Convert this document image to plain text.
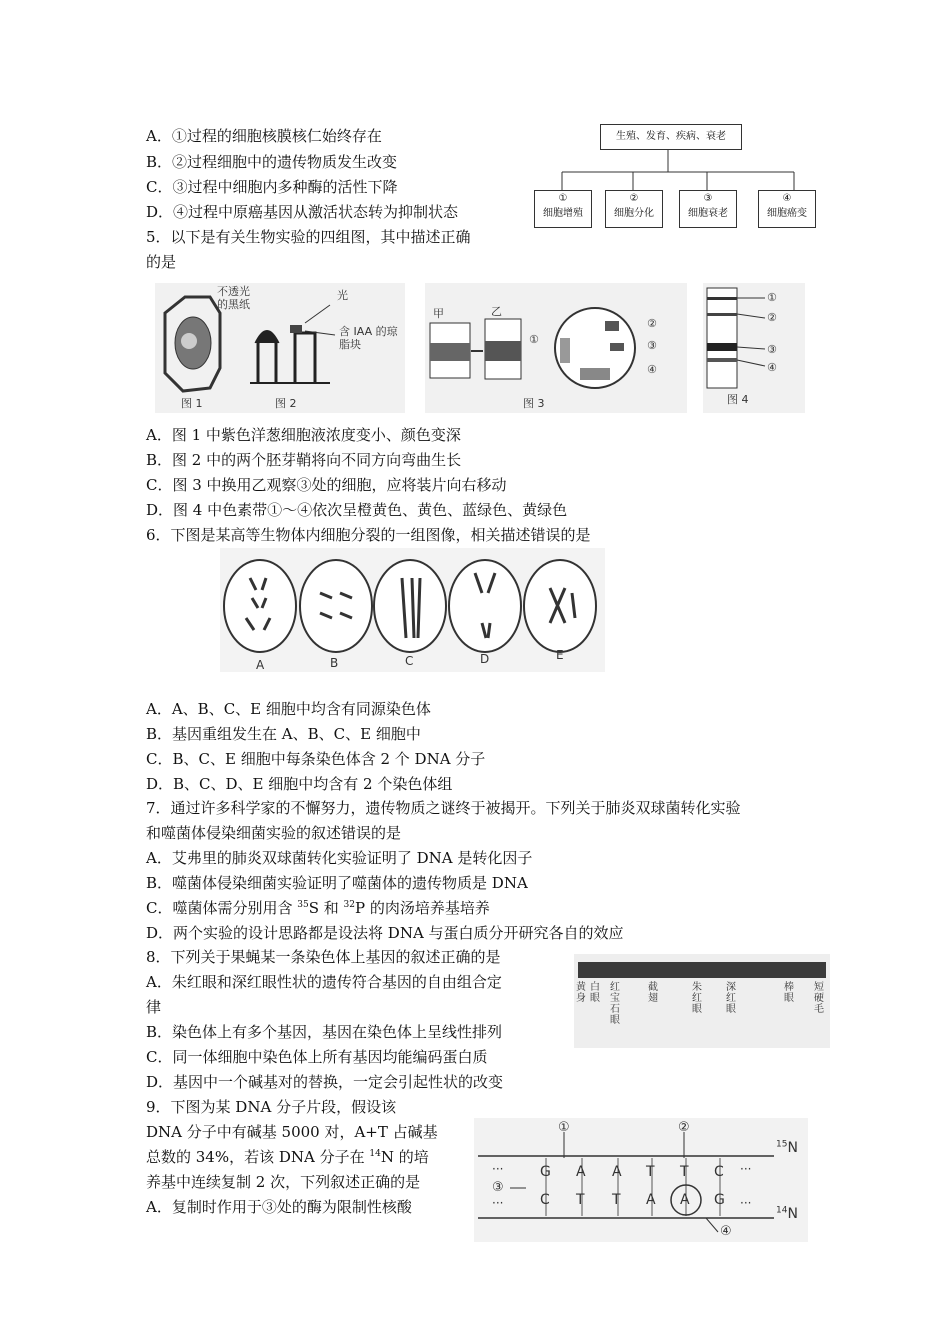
A．①过程的细胞核膜核仁始终存在
B．②过程细胞中的遗传物质发生改变
C．③过程中细胞内多种酶的活性下降
D．④过程中原癌基因从激活状态转为抑制状态
生殖、发育、疾病、衰老
①
细胞增殖
②
细胞分化
③
细胞衰老
④
细胞癌变
5．以下是有关生物实验的四组图，其中描述正确
的是
图 1	图 2
不透光的黑纸
光
含 IAA 的琼脂块
甲	乙
①
②
③
④
图 3
①
②
③
④
图 4
A．图 1 中紫色洋葱细胞液浓度变小、颜色变深
B．图 2 中的两个胚芽鞘将向不同方向弯曲生长
C．图 3 中换用乙观察③处的细胞，应将装片向右移动
D．图 4 中色素带①～④依次呈橙黄色、黄色、蓝绿色、黄绿色
6．下图是某高等生物体内细胞分裂的一组图像，相关描述错误的是
A	B	C	D	E
A．A、B、C、E 细胞中均含有同源染色体
B．基因重组发生在 A、B、C、E 细胞中
C．B、C、E 细胞中每条染色体含 2 个 DNA 分子
D．B、C、D、E 细胞中均含有 2 个染色体组
7．通过许多科学家的不懈努力，遗传物质之谜终于被揭开。下列关于肺炎双球菌转化实验
和噬菌体侵染细菌实验的叙述错误的是
A．艾弗里的肺炎双球菌转化实验证明了 DNA 是转化因子
B．噬菌体侵染细菌实验证明了噬菌体的遗传物质是 DNA
C．噬菌体需分别用含 $^{35}$S 和 $^{32}$P 的肉汤培养基培养
D．两个实验的设计思路都是设法将 DNA 与蛋白质分开研究各自的效应
8．下列关于果蝇某一条染色体上基因的叙述正确的是
A．朱红眼和深红眼性状的遗传符合基因的自由组合定
律
B．染色体上有多个基因，基因在染色体上呈线性排列
C．同一体细胞中染色体上所有基因均能编码蛋白质
D．基因中一个碱基对的替换，一定会引起性状的改变
黄身
白眼
红宝石眼
截翅
朱红眼
深红眼
棒眼
短硬毛
9．下图为某 DNA 分子片段，假设该
DNA 分子中有碱基 5000 对，A+T 占碱基
总数的 34%，若该 DNA 分子在 $^{14}$N 的培
养基中连续复制 2 次，下列叙述正确的是
A．复制时作用于③处的酶为限制性核酸
···
···
···
···
G A A T T C
C T T A A G
①	②
③
④
$^{15}$N
$^{14}$N
